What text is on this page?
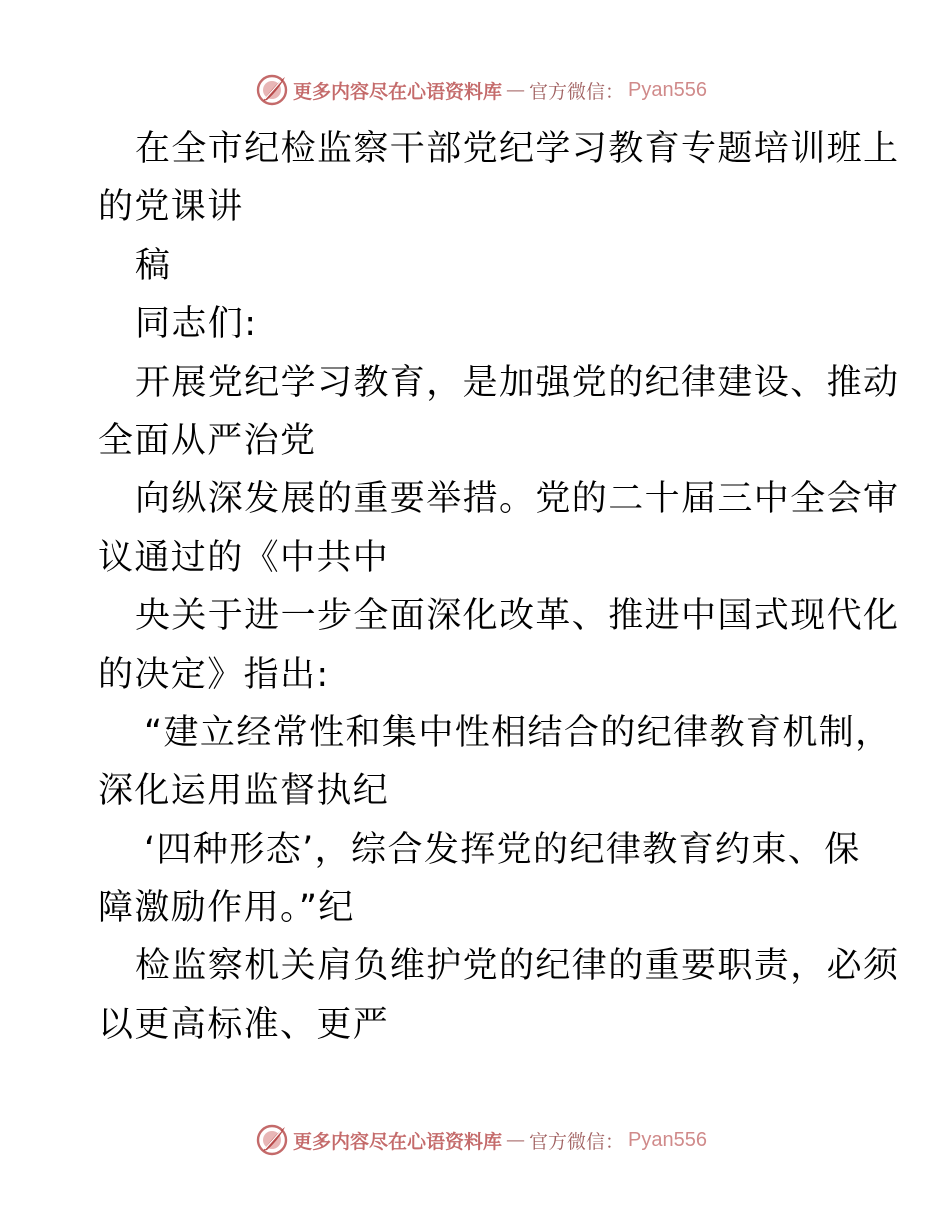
更多内容尽在心语资料库 — 官方微信： Pyan556
在全市纪检监察干部党纪学习教育专题培训班上
的党课讲
稿
同志们:
开展党纪学习教育，是加强党的纪律建设、推动
全面从严治党
向纵深发展的重要举措。党的二十届三中全会审
议通过的《中共中
央关于进一步全面深化改革、推进中国式现代化
的决定》指出:
“建立经常性和集中性相结合的纪律教育机制，
深化运用监督执纪
‘四种形态’，综合发挥党的纪律教育约束、保
障激励作用。”纪
检监察机关肩负维护党的纪律的重要职责，必须
以更高标准、更严
更多内容尽在心语资料库 — 官方微信： Pyan556
